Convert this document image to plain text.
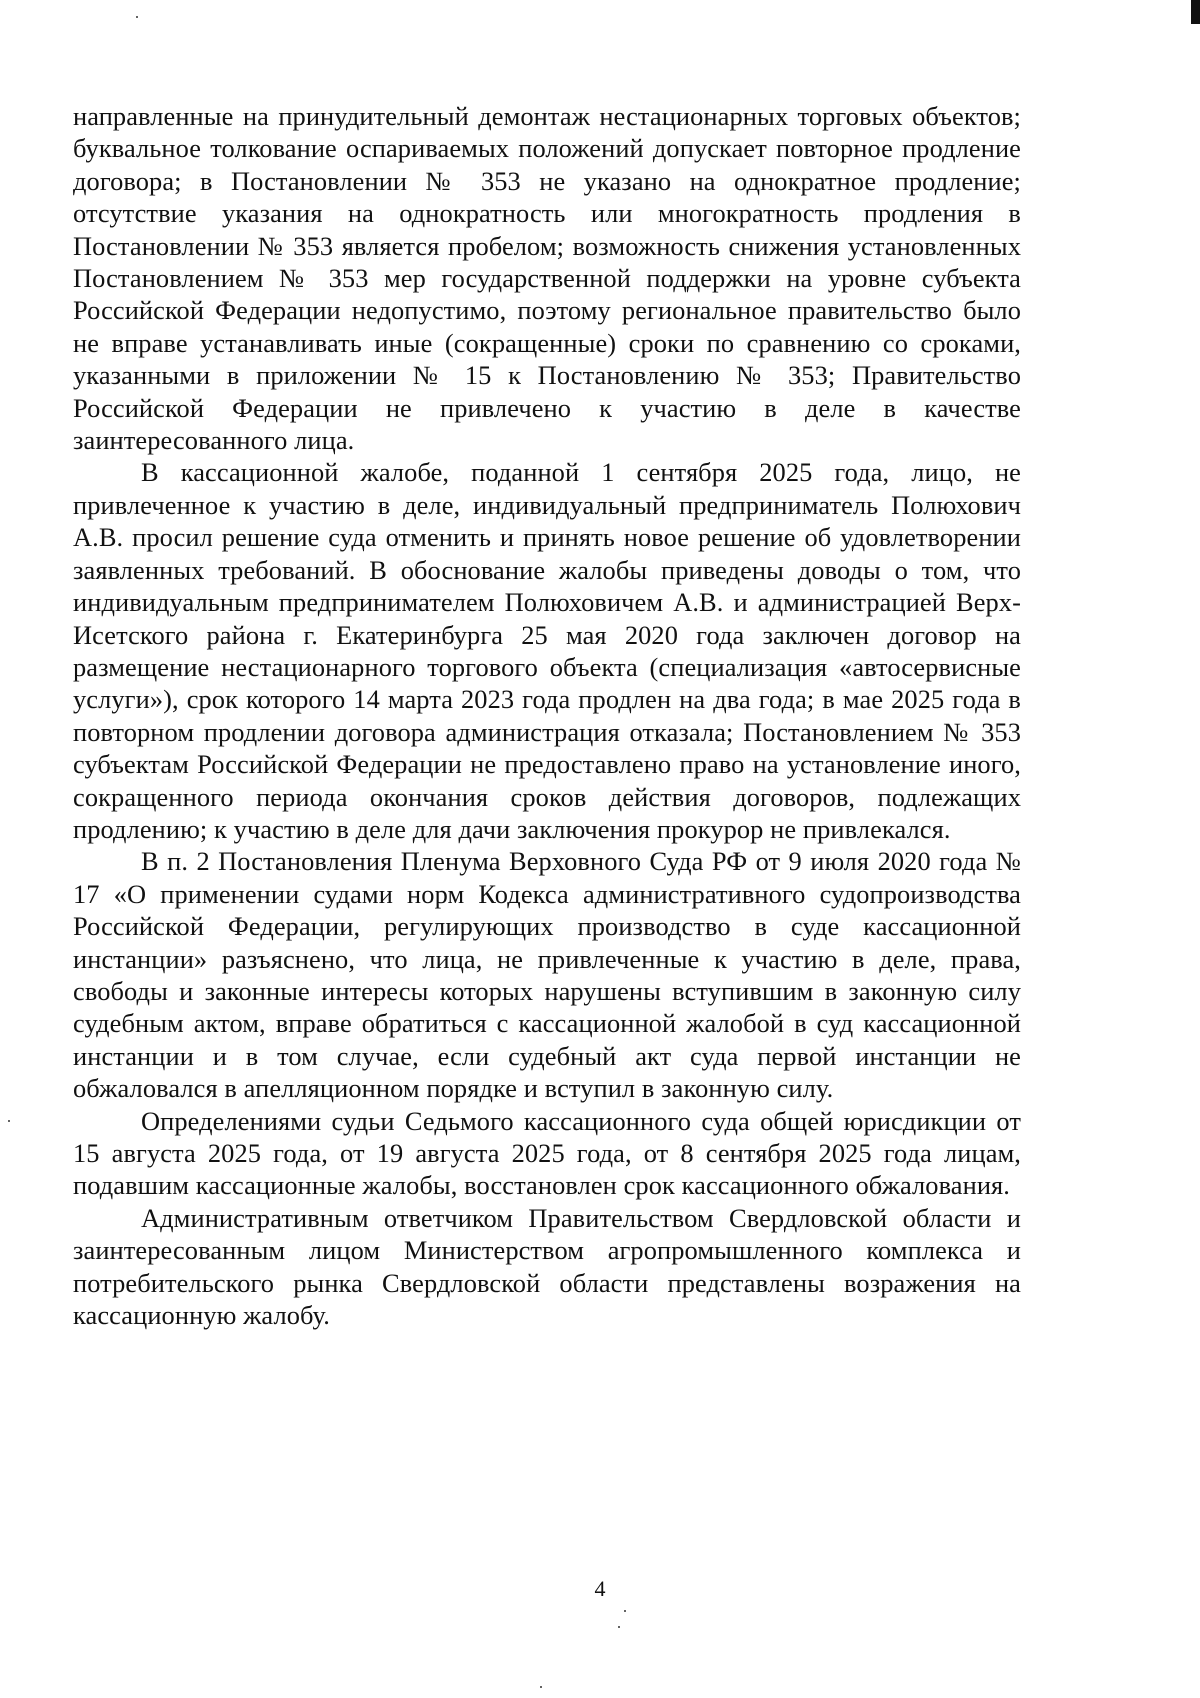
направленные на принудительный демонтаж нестационарных торговых объектов; буквальное толкование оспариваемых положений допускает повторное продление договора; в Постановлении № 353 не указано на однократное продление; отсутствие указания на однократность или многократность продления в Постановлении № 353 является пробелом; возможность снижения установленных Постановлением № 353 мер государственной поддержки на уровне субъекта Российской Федерации недопустимо, поэтому региональное правительство было не вправе устанавливать иные (сокращенные) сроки по сравнению со сроками, указанными в приложении № 15 к Постановлению № 353; Правительство Российской Федерации не привлечено к участию в деле в качестве заинтересованного лица.

В кассационной жалобе, поданной 1 сентября 2025 года, лицо, не привлеченное к участию в деле, индивидуальный предприниматель Полюхович А.В. просил решение суда отменить и принять новое решение об удовлетворении заявленных требований. В обоснование жалобы приведены доводы о том, что индивидуальным предпринимателем Полюховичем А.В. и администрацией Верх-Исетского района г. Екатеринбурга 25 мая 2020 года заключен договор на размещение нестационарного торгового объекта (специализация «автосервисные услуги»), срок которого 14 марта 2023 года продлен на два года; в мае 2025 года в повторном продлении договора администрация отказала; Постановлением № 353 субъектам Российской Федерации не предоставлено право на установление иного, сокращенного периода окончания сроков действия договоров, подлежащих продлению; к участию в деле для дачи заключения прокурор не привлекался.

В п. 2 Постановления Пленума Верховного Суда РФ от 9 июля 2020 года № 17 «О применении судами норм Кодекса административного судопроизводства Российской Федерации, регулирующих производство в суде кассационной инстанции» разъяснено, что лица, не привлеченные к участию в деле, права, свободы и законные интересы которых нарушены вступившим в законную силу судебным актом, вправе обратиться с кассационной жалобой в суд кассационной инстанции и в том случае, если судебный акт суда первой инстанции не обжаловался в апелляционном порядке и вступил в законную силу.

Определениями судьи Седьмого кассационного суда общей юрисдикции от 15 августа 2025 года, от 19 августа 2025 года, от 8 сентября 2025 года лицам, подавшим кассационные жалобы, восстановлен срок кассационного обжалования.

Административным ответчиком Правительством Свердловской области и заинтересованным лицом Министерством агропромышленного комплекса и потребительского рынка Свердловской области представлены возражения на кассационную жалобу.

4
